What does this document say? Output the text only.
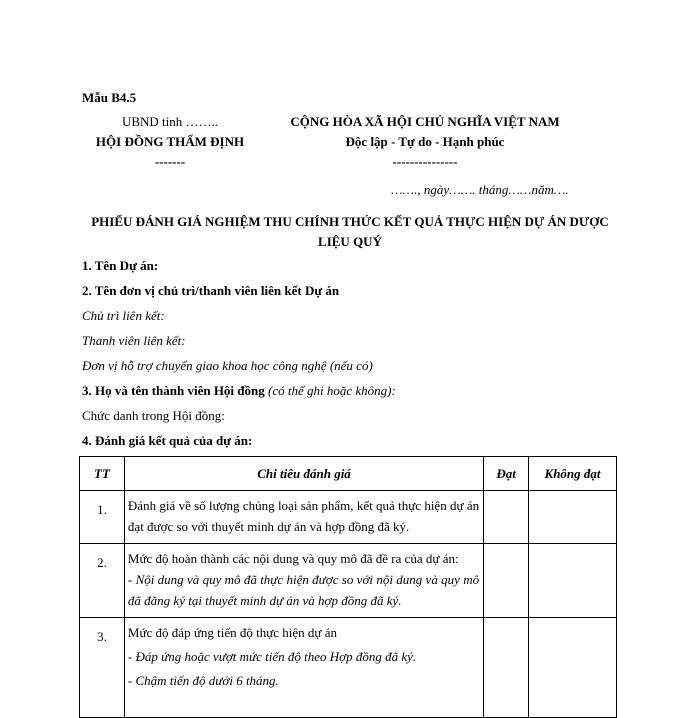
Mẫu B4.5
UBND tỉnh ……..
HỘI ĐỒNG THẨM ĐỊNH
-------
CỘNG HÒA XÃ HỘI CHỦ NGHĨA VIỆT NAM
Độc lập - Tự do - Hạnh phúc
---------------
……., ngày……. tháng……năm….
PHIẾU ĐÁNH GIÁ NGHIỆM THU CHÍNH THỨC KẾT QUẢ THỰC HIỆN DỰ ÁN DƯỢC LIỆU QUÝ
1. Tên Dự án:
2. Tên đơn vị chủ trì/thanh viên liên kết Dự án
Chủ trì liên kết:
Thanh viên liên kết:
Đơn vị hỗ trợ chuyển giao khoa học công nghệ (nếu có)
3. Họ và tên thành viên Hội đồng (có thể ghi hoặc không):
Chức danh trong Hội đồng:
4. Đánh giá kết quả của dự án:
TT	Chi tiêu đánh giá	Đạt	Không đạt
1.	Đánh giá về số lượng chủng loại sản phẩm, kết quả thực hiện dự án đạt được so với thuyết minh dự án và hợp đồng đã ký.		
2.	Mức độ hoàn thành các nội dung và quy mô đã đề ra của dự án:
- Nội dung và quy mô đã thực hiện được so với nội dung và quy mô đã đăng ký tại thuyết minh dự án và hợp đồng đã ký.		

3.	Mức độ đáp ứng tiến độ thực hiện dự án
- Đáp ứng hoặc vượt mức tiến độ theo Hợp đồng đã ký.
- Chậm tiến độ dưới 6 tháng.		
